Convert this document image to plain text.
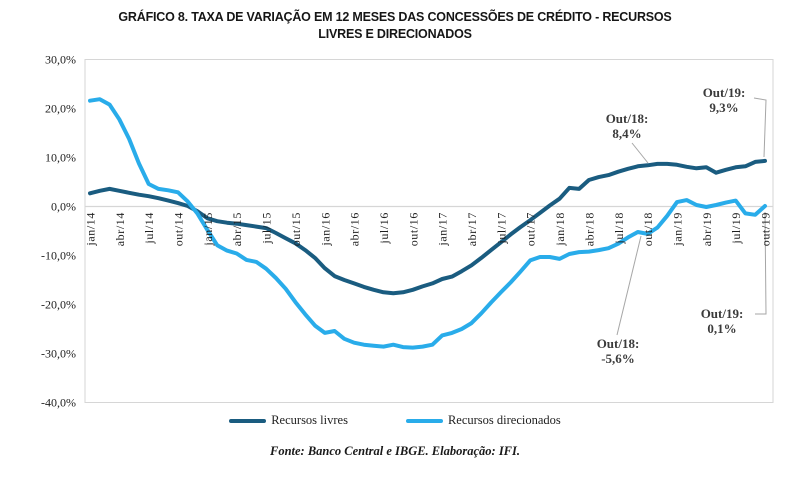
30,0%
20,0%
10,0%
0,0%
-10,0%
-20,0%
-30,0%
-40,0%
jan/14 abr/14 jul/14 out/14 jan/15 abr/15 jul/15 out/15 jan/16 abr/16 jul/16 out/16 jan/17 abr/17 jul/17 out/17 jan/18 abr/18 jul/18 out/18 jan/19 abr/19 jul/19 out/19
GRÁFICO 8. TAXA DE VARIAÇÃO EM 12 MESES DAS CONCESSÕES DE CRÉDITO - RECURSOS
LIVRES E DIRECIONADOS
Out/18:
8,4%
Out/19:
9,3%
Out/18:
-5,6%
Out/19:
0,1%
Recursos livres	Recursos direcionados
Fonte: Banco Central e IBGE. Elaboração: IFI.
